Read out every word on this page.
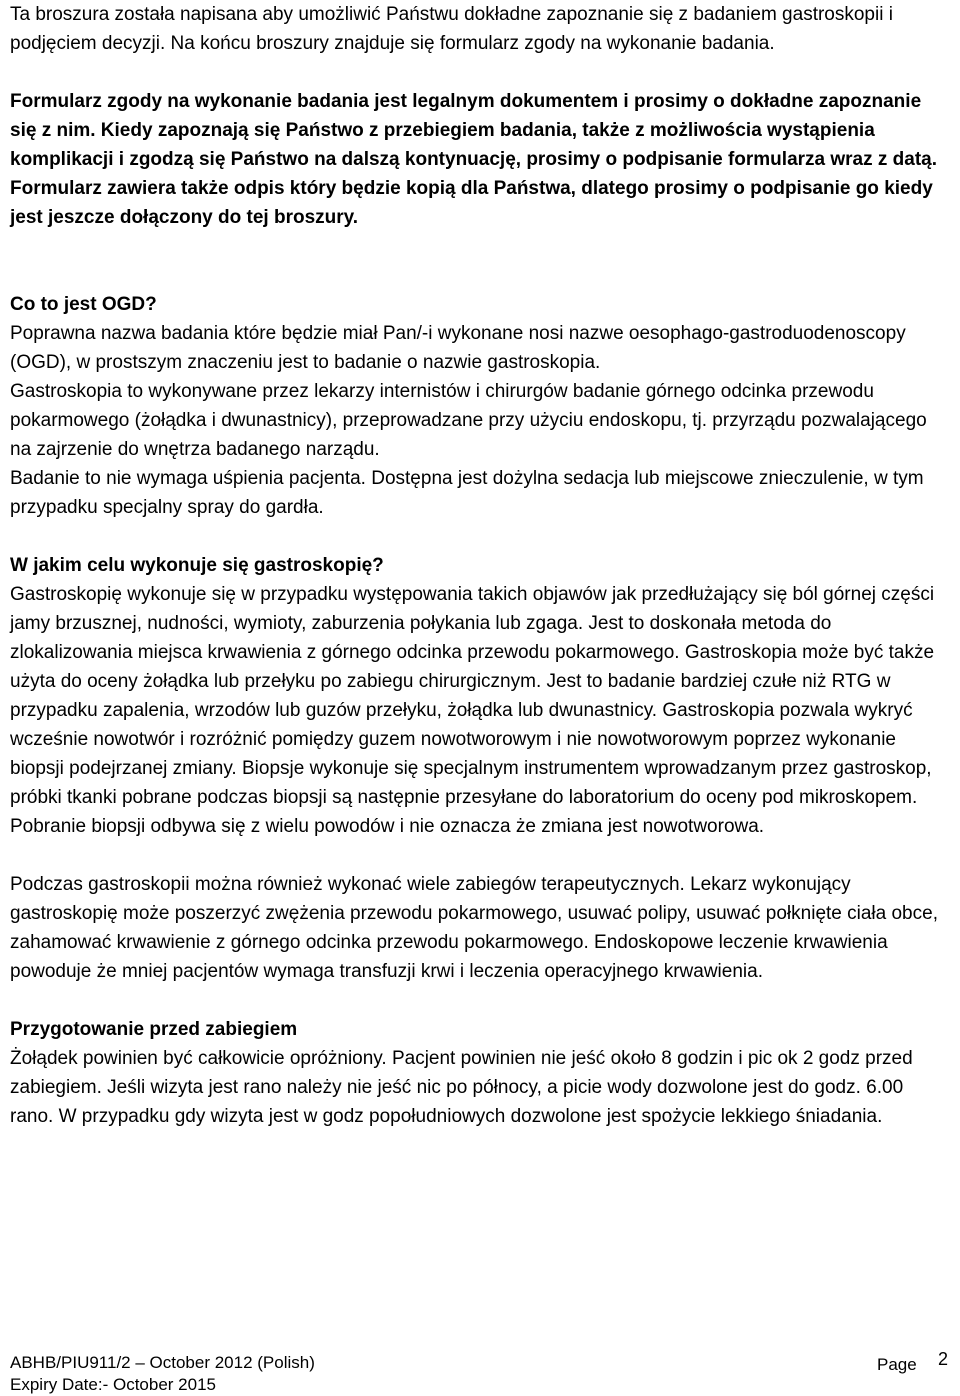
Ta broszura została napisana aby umożliwić Państwu dokładne zapoznanie się z badaniem gastroskopii i podjęciem decyzji. Na końcu broszury znajduje się formularz zgody na wykonanie badania.

Formularz zgody na wykonanie badania jest legalnym dokumentem i prosimy o dokładne zapoznanie się z nim. Kiedy zapoznają się Państwo z przebiegiem badania, także z możliwościa wystąpienia komplikacji i zgodzą się Państwo na dalszą kontynuację, prosimy o podpisanie formularza wraz z datą. Formularz zawiera także odpis który będzie kopią dla Państwa, dlatego prosimy o podpisanie go kiedy jest jeszcze dołączony do tej broszury.

Co to jest OGD?

Poprawna nazwa badania które będzie miał Pan/-i wykonane nosi nazwe oesophago-gastroduodenoscopy (OGD), w prostszym znaczeniu jest to badanie o nazwie gastroskopia.

Gastroskopia to wykonywane przez lekarzy internistów i chirurgów badanie górnego odcinka przewodu pokarmowego (żołądka i dwunastnicy), przeprowadzane przy użyciu endoskopu, tj. przyrządu pozwalającego na zajrzenie do wnętrza badanego narządu.

Badanie to nie wymaga uśpienia pacjenta. Dostępna jest dożylna sedacja lub miejscowe znieczulenie, w tym przypadku specjalny spray do gardła.

W jakim celu wykonuje się gastroskopię?

Gastroskopię wykonuje się w przypadku występowania takich objawów jak przedłużający się ból górnej części jamy brzusznej, nudności, wymioty, zaburzenia połykania lub zgaga. Jest to doskonała metoda do zlokalizowania miejsca krwawienia z górnego odcinka przewodu pokarmowego. Gastroskopia może być także użyta do oceny żołądka lub przełyku po zabiegu chirurgicznym. Jest to badanie bardziej czułe niż RTG w przypadku zapalenia, wrzodów lub guzów przełyku, żołądka lub dwunastnicy. Gastroskopia pozwala wykryć wcześnie nowotwór i rozróżnić pomiędzy guzem nowotworowym i nie nowotworowym poprzez wykonanie biopsji podejrzanej zmiany. Biopsje wykonuje się specjalnym instrumentem wprowadzanym przez gastroskop, próbki tkanki pobrane podczas biopsji są następnie przesyłane do laboratorium do oceny pod mikroskopem. Pobranie biopsji odbywa się z wielu powodów i nie oznacza że zmiana jest nowotworowa.

Podczas gastroskopii można również wykonać wiele zabiegów terapeutycznych. Lekarz wykonujący gastroskopię może poszerzyć zwężenia przewodu pokarmowego, usuwać polipy, usuwać połknięte ciała obce, zahamować krwawienie z górnego odcinka przewodu pokarmowego. Endoskopowe leczenie krwawienia powoduje że mniej pacjentów wymaga transfuzji krwi i leczenia operacyjnego krwawienia.

Przygotowanie przed zabiegiem

Żołądek powinien być całkowicie opróżniony. Pacjent powinien nie jeść około 8 godzin i pic ok 2 godz przed zabiegiem. Jeśli wizyta jest rano należy nie jeść nic po północy, a picie wody dozwolone jest do godz. 6.00 rano. W przypadku gdy wizyta jest w godz popołudniowych dozwolone jest spożycie lekkiego śniadania.

ABHB/PIU911/2 – October 2012 (Polish)
Expiry Date:- October 2015
Page 2
